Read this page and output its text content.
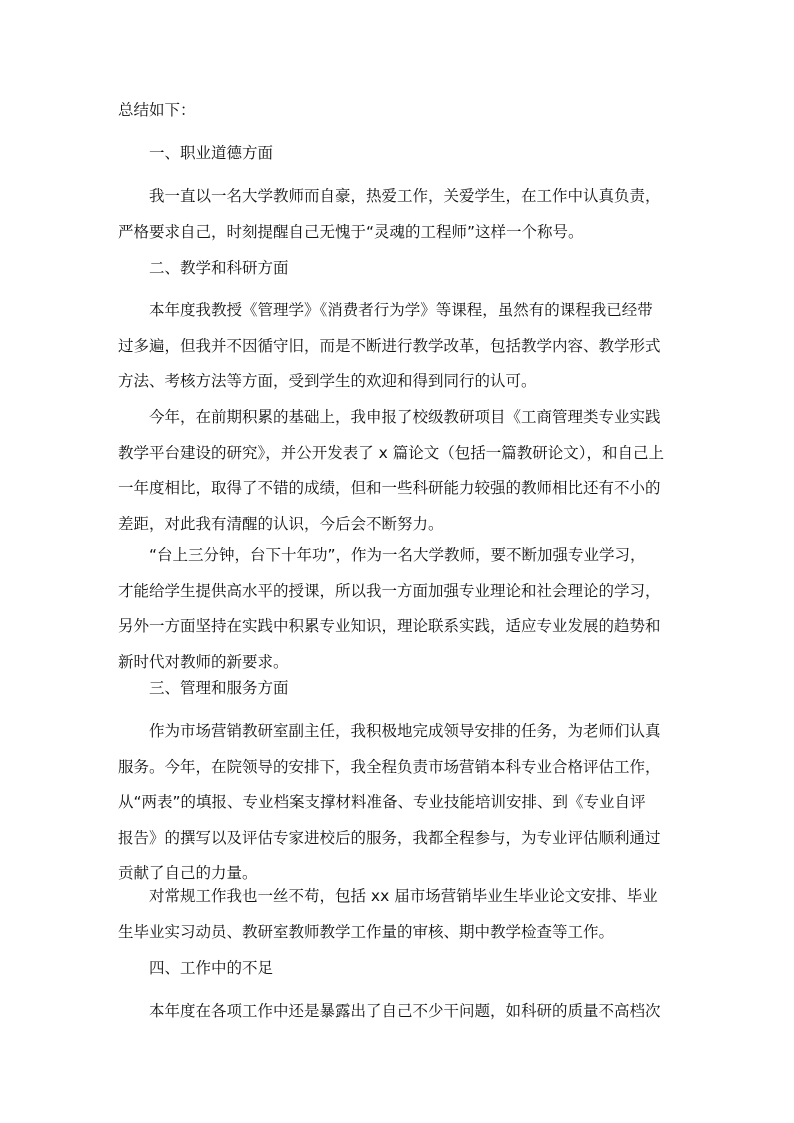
总结如下：
一、职业道德方面
我一直以一名大学教师而自豪，热爱工作，关爱学生，在工作中认真负责，
严格要求自己，时刻提醒自己无愧于“灵魂的工程师”这样一个称号。
二、教学和科研方面
本年度我教授《管理学》《消费者行为学》等课程，虽然有的课程我已经带
过多遍，但我并不因循守旧，而是不断进行教学改革，包括教学内容、教学形式
方法、考核方法等方面，受到学生的欢迎和得到同行的认可。
今年，在前期积累的基础上，我申报了校级教研项目《工商管理类专业实践
教学平台建设的研究》，并公开发表了 x 篇论文（包括一篇教研论文），和自己上
一年度相比，取得了不错的成绩，但和一些科研能力较强的教师相比还有不小的
差距，对此我有清醒的认识，今后会不断努力。
“台上三分钟，台下十年功”，作为一名大学教师，要不断加强专业学习，
才能给学生提供高水平的授课，所以我一方面加强专业理论和社会理论的学习，
另外一方面坚持在实践中积累专业知识，理论联系实践，适应专业发展的趋势和
新时代对教师的新要求。
三、管理和服务方面
作为市场营销教研室副主任，我积极地完成领导安排的任务，为老师们认真
服务。今年，在院领导的安排下，我全程负责市场营销本科专业合格评估工作，
从“两表”的填报、专业档案支撑材料准备、专业技能培训安排、到《专业自评
报告》的撰写以及评估专家进校后的服务，我都全程参与，为专业评估顺利通过
贡献了自己的力量。
对常规工作我也一丝不苟，包括 xx 届市场营销毕业生毕业论文安排、毕业
生毕业实习动员、教研室教师教学工作量的审核、期中教学检查等工作。
四、工作中的不足
本年度在各项工作中还是暴露出了自己不少干问题，如科研的质量不高档次
